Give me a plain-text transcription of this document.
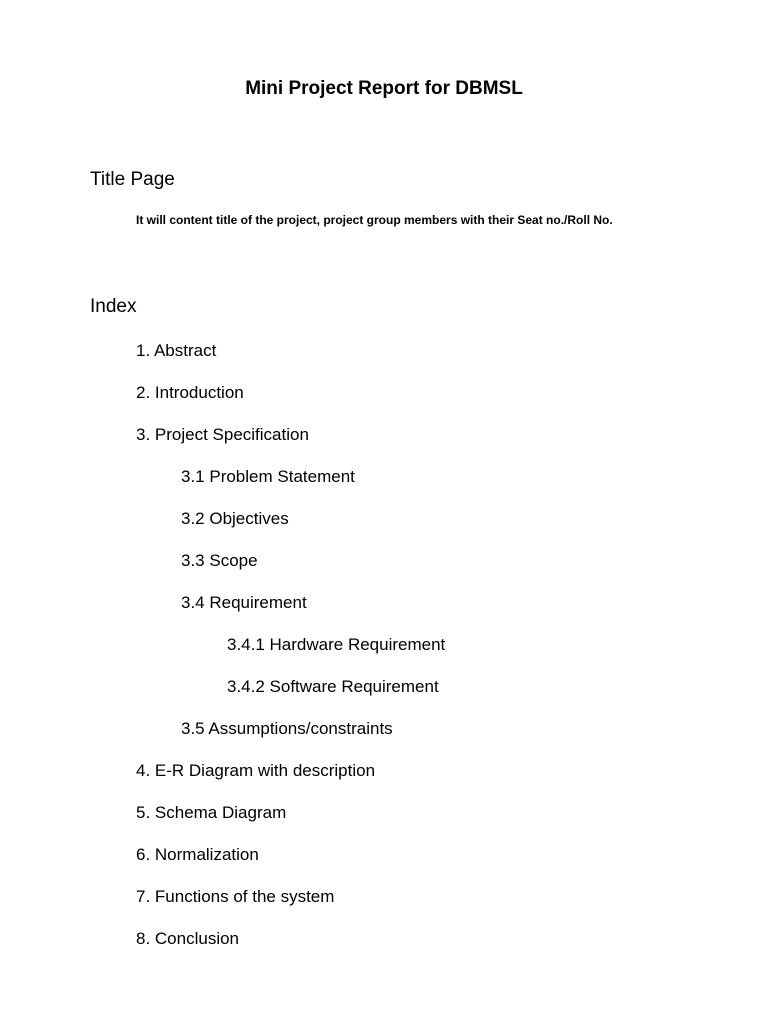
Mini Project Report for DBMSL
Title Page
It will content title of the project, project group members with their Seat no./Roll No.
Index
1. Abstract
2. Introduction
3. Project Specification
3.1 Problem Statement
3.2 Objectives
3.3 Scope
3.4 Requirement
3.4.1 Hardware Requirement
3.4.2 Software Requirement
3.5 Assumptions/constraints
4. E-R Diagram with description
5. Schema Diagram
6. Normalization
7. Functions of the system
8. Conclusion
